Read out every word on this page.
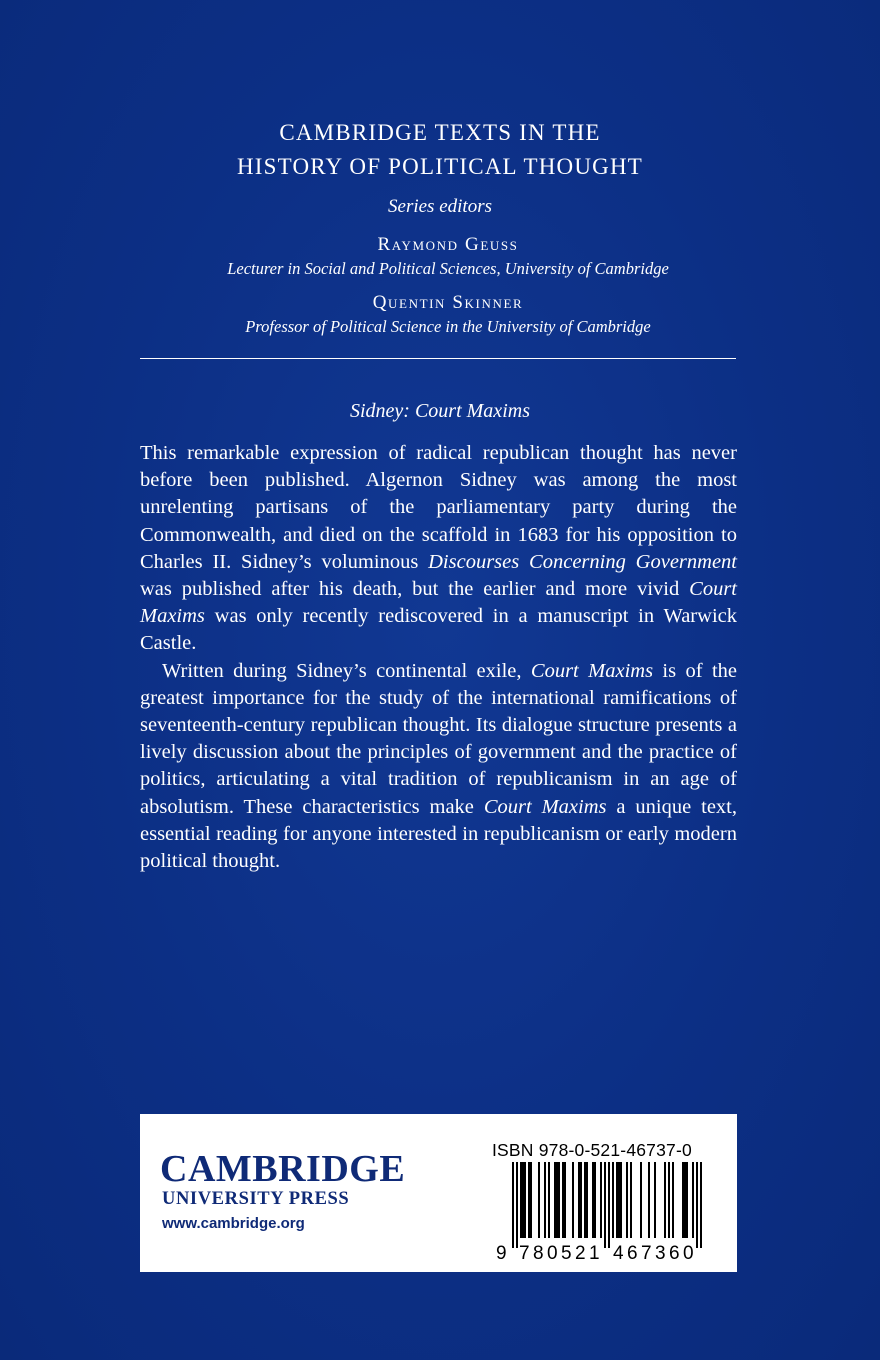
CAMBRIDGE TEXTS IN THE
HISTORY OF POLITICAL THOUGHT
Series editors
Raymond Geuss
Lecturer in Social and Political Sciences, University of Cambridge
Quentin Skinner
Professor of Political Science in the University of Cambridge
Sidney: Court Maxims

This remarkable expression of radical republican thought has never before been published. Algernon Sidney was among the most unrelenting partisans of the parliamentary party during the Commonwealth, and died on the scaffold in 1683 for his opposition to Charles II. Sidney’s voluminous Discourses Concerning Government was published after his death, but the earlier and more vivid Court Maxims was only recently rediscovered in a manuscript in Warwick Castle.

Written during Sidney’s continental exile, Court Maxims is of the greatest importance for the study of the international ramifications of seventeenth-century republican thought. Its dialogue structure presents a lively discussion about the principles of government and the practice of politics, articulating a vital tradition of republicanism in an age of absolutism. These characteristics make Court Maxims a unique text, essential reading for anyone interested in republicanism or early modern political thought.

CAMBRIDGE
UNIVERSITY PRESS
www.cambridge.org
ISBN 978-0-521-46737-0
9 7 8 0 5 2 1 4 6 7 3 6 0
